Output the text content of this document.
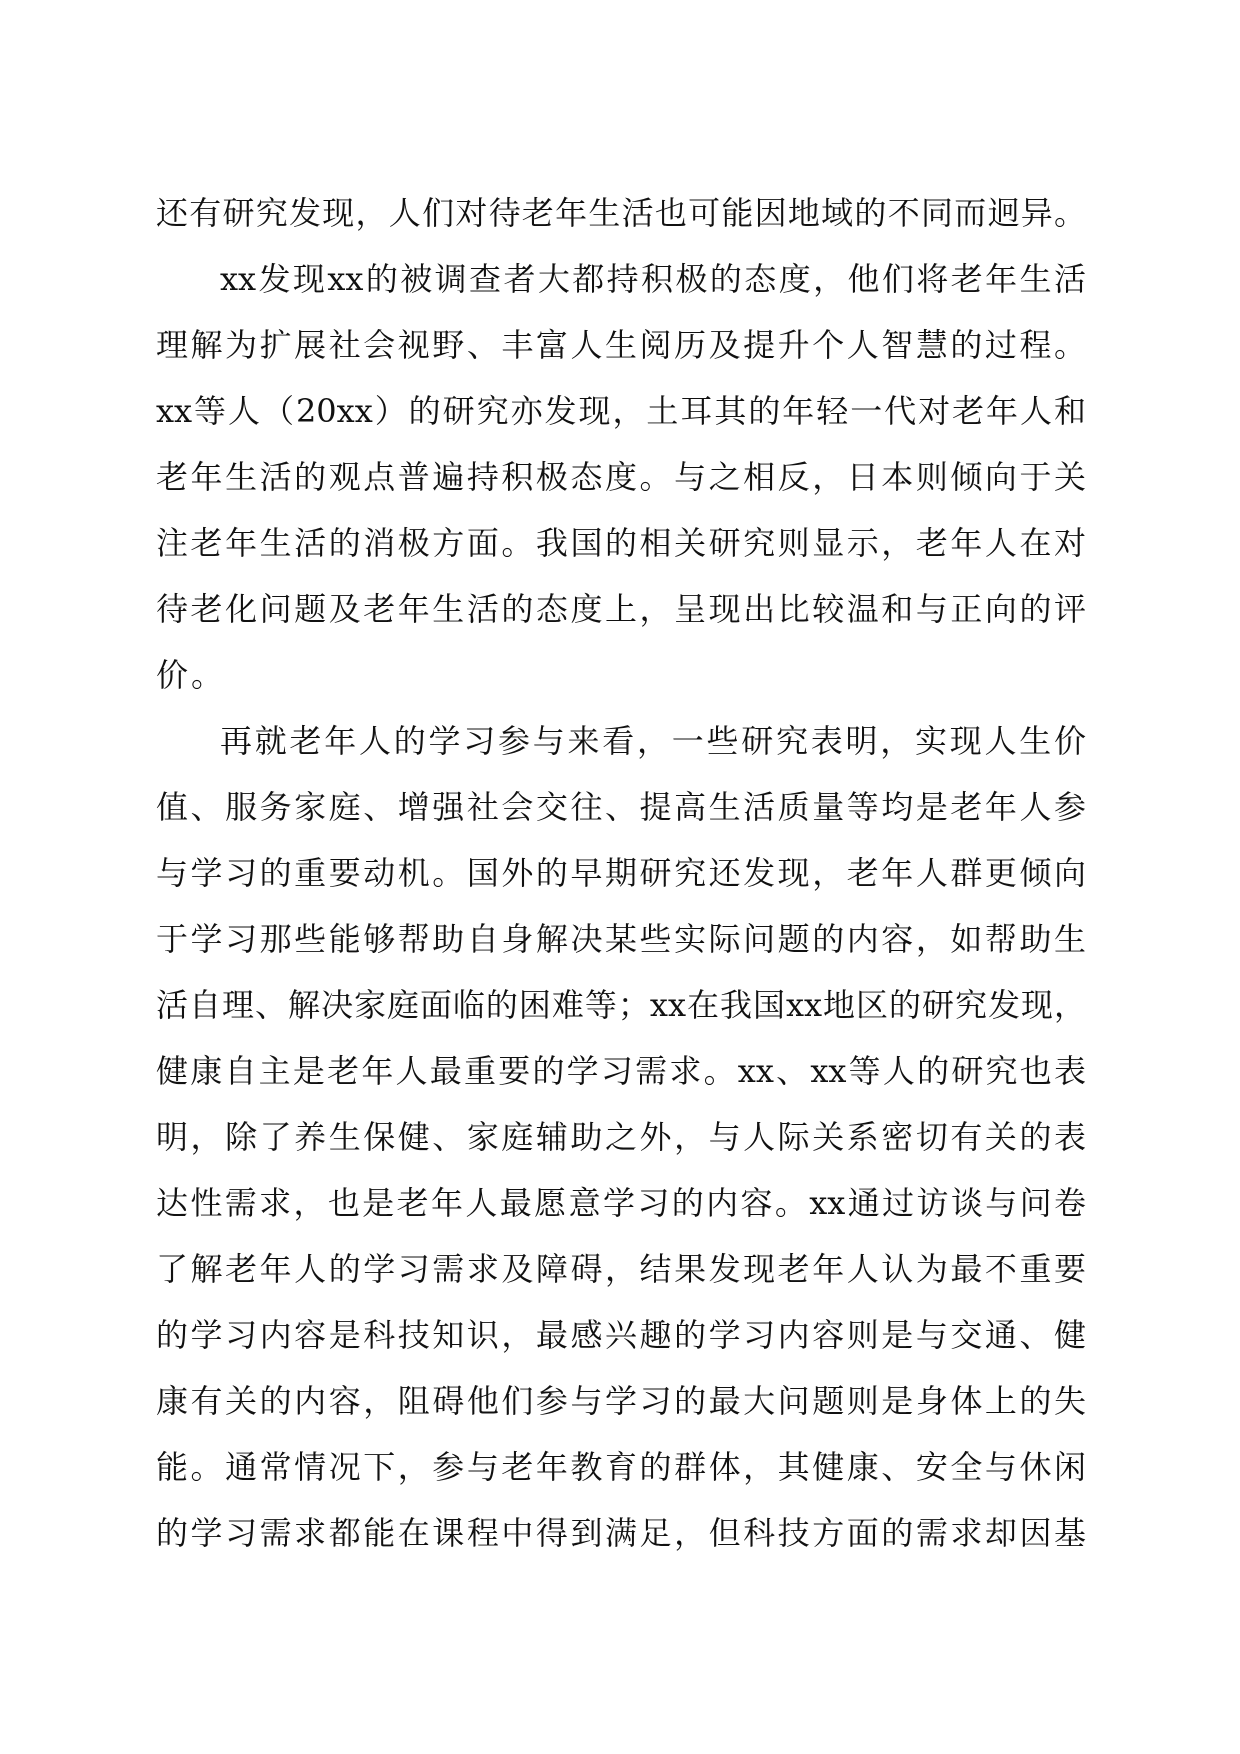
还有研究发现，人们对待老年生活也可能因地域的不同而迥异。
xx发现xx的被调查者大都持积极的态度，他们将老年生活
理解为扩展社会视野、丰富人生阅历及提升个人智慧的过程。
xx等人（20xx）的研究亦发现，土耳其的年轻一代对老年人和
老年生活的观点普遍持积极态度。与之相反，日本则倾向于关
注老年生活的消极方面。我国的相关研究则显示，老年人在对
待老化问题及老年生活的态度上，呈现出比较温和与正向的评
价。
再就老年人的学习参与来看，一些研究表明，实现人生价
值、服务家庭、增强社会交往、提高生活质量等均是老年人参
与学习的重要动机。国外的早期研究还发现，老年人群更倾向
于学习那些能够帮助自身解决某些实际问题的内容，如帮助生
活自理、解决家庭面临的困难等；xx在我国xx地区的研究发现，
健康自主是老年人最重要的学习需求。xx、xx等人的研究也表
明，除了养生保健、家庭辅助之外，与人际关系密切有关的表
达性需求，也是老年人最愿意学习的内容。xx通过访谈与问卷
了解老年人的学习需求及障碍，结果发现老年人认为最不重要
的学习内容是科技知识，最感兴趣的学习内容则是与交通、健
康有关的内容，阻碍他们参与学习的最大问题则是身体上的失
能。通常情况下，参与老年教育的群体，其健康、安全与休闲
的学习需求都能在课程中得到满足，但科技方面的需求却因基
